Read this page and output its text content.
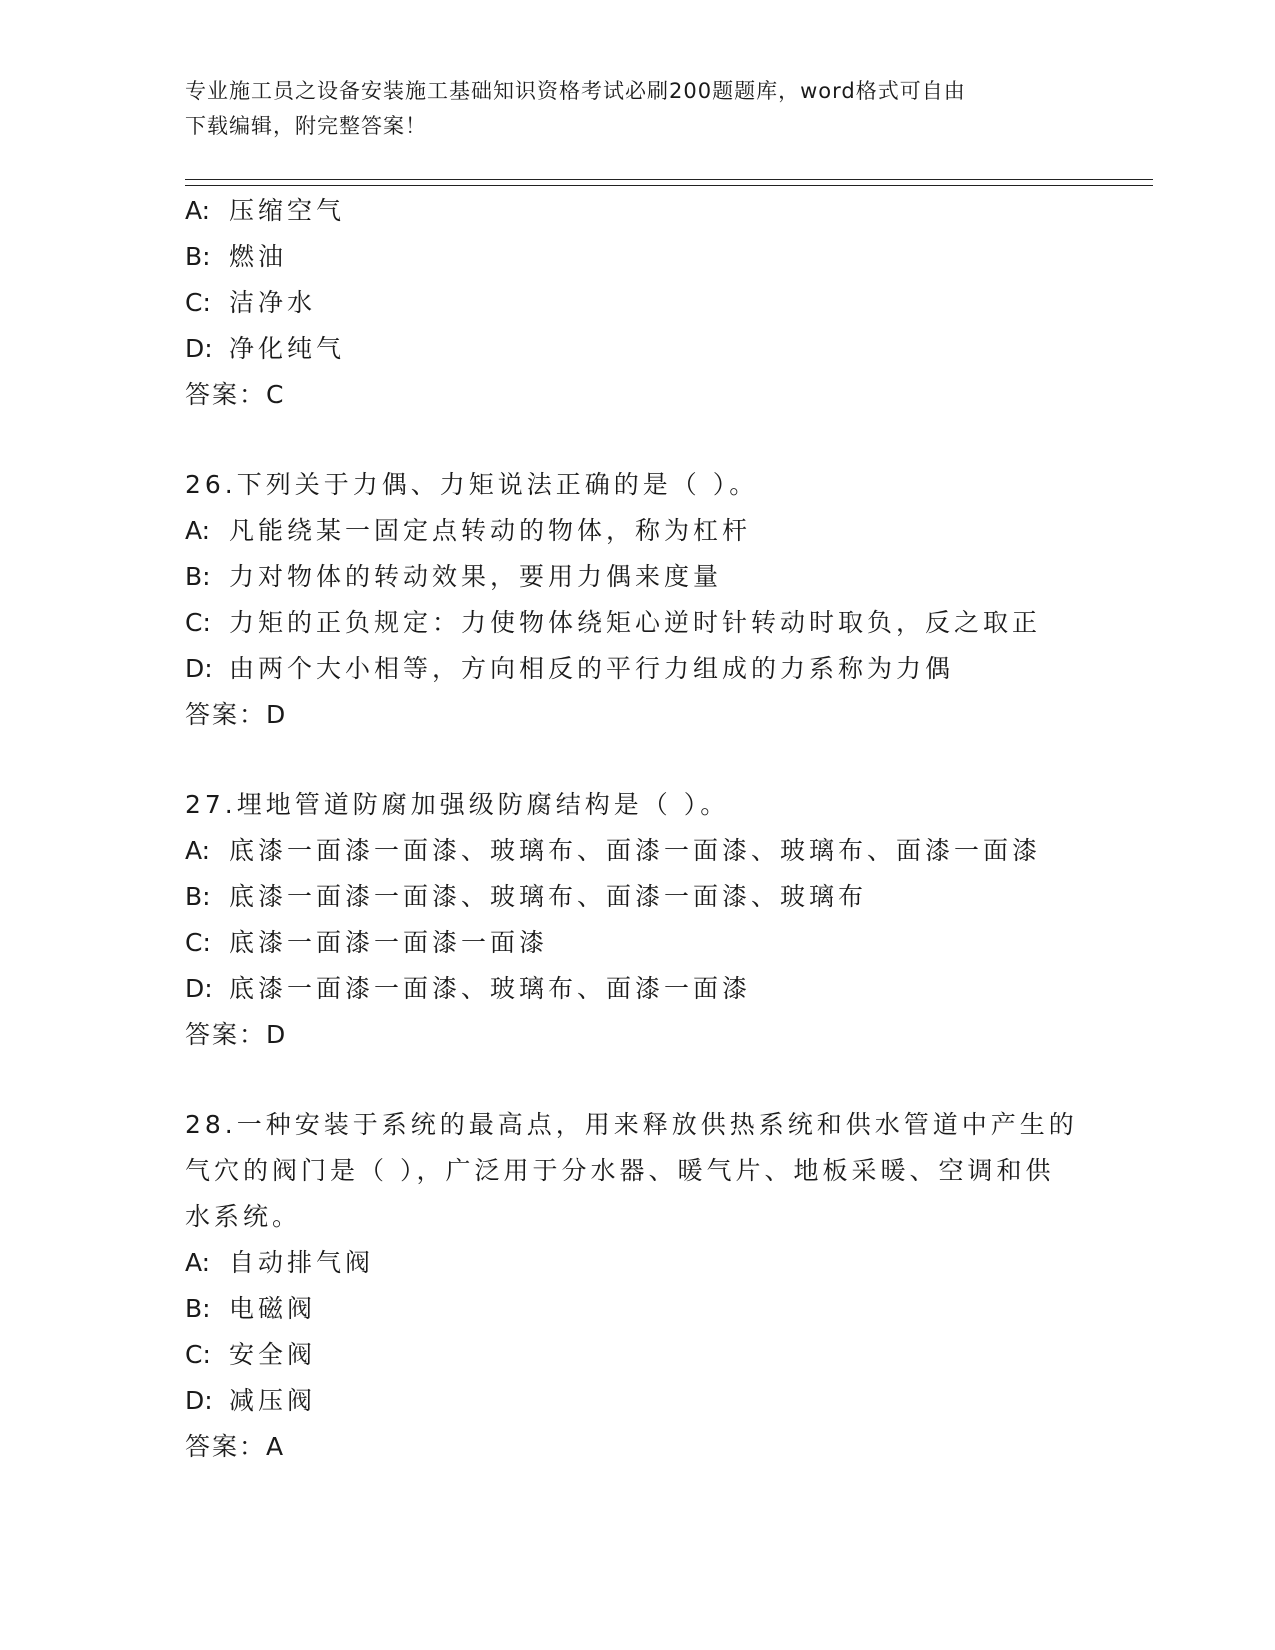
专业施工员之设备安装施工基础知识资格考试必刷200题题库，word格式可自由
下载编辑，附完整答案！
A: 压缩空气
B: 燃油
C: 洁净水
D: 净化纯气
答案：C
26.下列关于力偶、力矩说法正确的是（ ）。
A: 凡能绕某一固定点转动的物体，称为杠杆
B: 力对物体的转动效果，要用力偶来度量
C: 力矩的正负规定：力使物体绕矩心逆时针转动时取负，反之取正
D: 由两个大小相等，方向相反的平行力组成的力系称为力偶
答案：D
27.埋地管道防腐加强级防腐结构是（ ）。
A: 底漆一面漆一面漆、玻璃布、面漆一面漆、玻璃布、面漆一面漆
B: 底漆一面漆一面漆、玻璃布、面漆一面漆、玻璃布
C: 底漆一面漆一面漆一面漆
D: 底漆一面漆一面漆、玻璃布、面漆一面漆
答案：D
28.一种安装于系统的最高点，用来释放供热系统和供水管道中产生的
气穴的阀门是（ ），广泛用于分水器、暖气片、地板采暖、空调和供
水系统。
A: 自动排气阀
B: 电磁阀
C: 安全阀
D: 减压阀
答案：A
